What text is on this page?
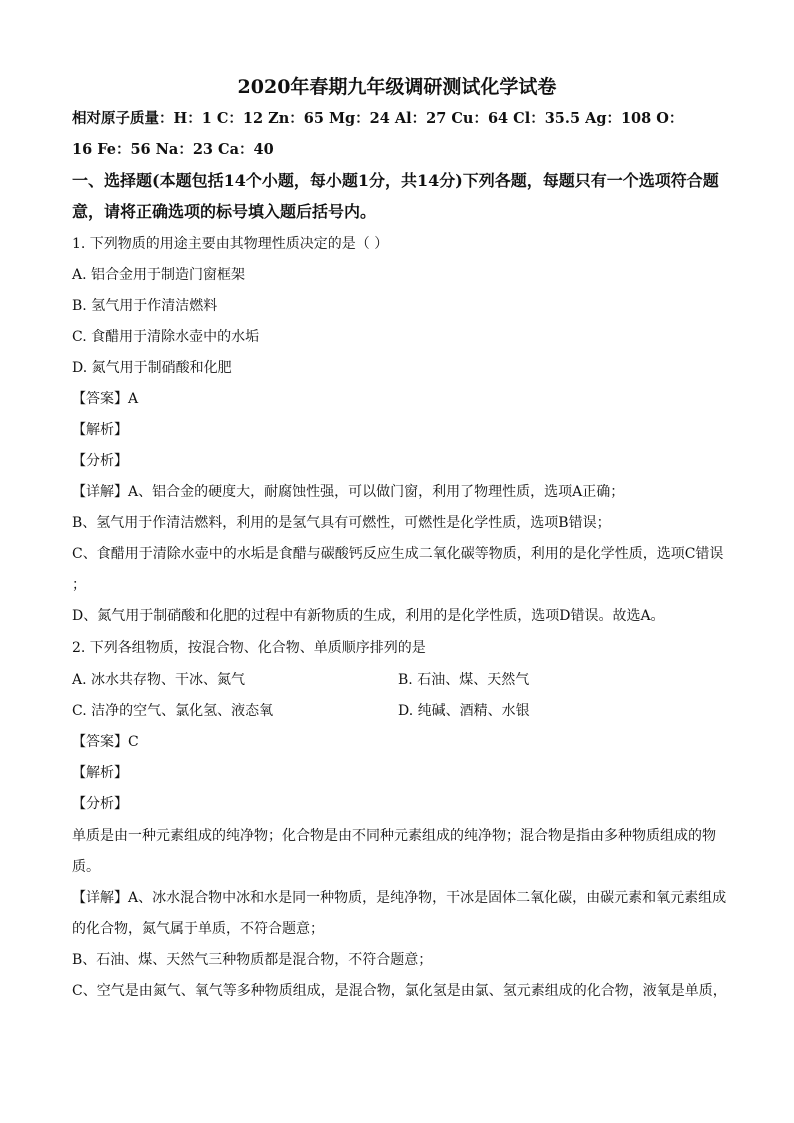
2020年春期九年级调研测试化学试卷
相对原子质量：H：1 C：12 Zn：65 Mg：24 Al：27 Cu：64 Cl：35.5 Ag：108 O：
16 Fe：56 Na：23 Ca：40
一、选择题(本题包括14个小题，每小题1分，共14分)下列各题，每题只有一个选项符合题
意，请将正确选项的标号填入题后括号内。
1. 下列物质的用途主要由其物理性质决定的是（ ）
A. 铝合金用于制造门窗框架
B. 氢气用于作清洁燃料
C. 食醋用于清除水壶中的水垢
D. 氮气用于制硝酸和化肥
【答案】A
【解析】
【分析】
【详解】A、铝合金的硬度大，耐腐蚀性强，可以做门窗，利用了物理性质，选项A正确；
B、氢气用于作清洁燃料，利用的是氢气具有可燃性，可燃性是化学性质，选项B错误；
C、食醋用于清除水壶中的水垢是食醋与碳酸钙反应生成二氧化碳等物质，利用的是化学性质，选项C错误
；
D、氮气用于制硝酸和化肥的过程中有新物质的生成，利用的是化学性质，选项D错误。故选A。
2. 下列各组物质，按混合物、化合物、单质顺序排列的是
A. 冰水共存物、干冰、氮气	B. 石油、煤、天然气
C. 洁净的空气、氯化氢、液态氧	D. 纯碱、酒精、水银
【答案】C
【解析】
【分析】
单质是由一种元素组成的纯净物；化合物是由不同种元素组成的纯净物；混合物是指由多种物质组成的物
质。
【详解】A、冰水混合物中冰和水是同一种物质，是纯净物，干冰是固体二氧化碳，由碳元素和氧元素组成
的化合物，氮气属于单质，不符合题意；
B、石油、煤、天然气三种物质都是混合物，不符合题意；
C、空气是由氮气、氧气等多种物质组成，是混合物，氯化氢是由氯、氢元素组成的化合物，液氧是单质，
